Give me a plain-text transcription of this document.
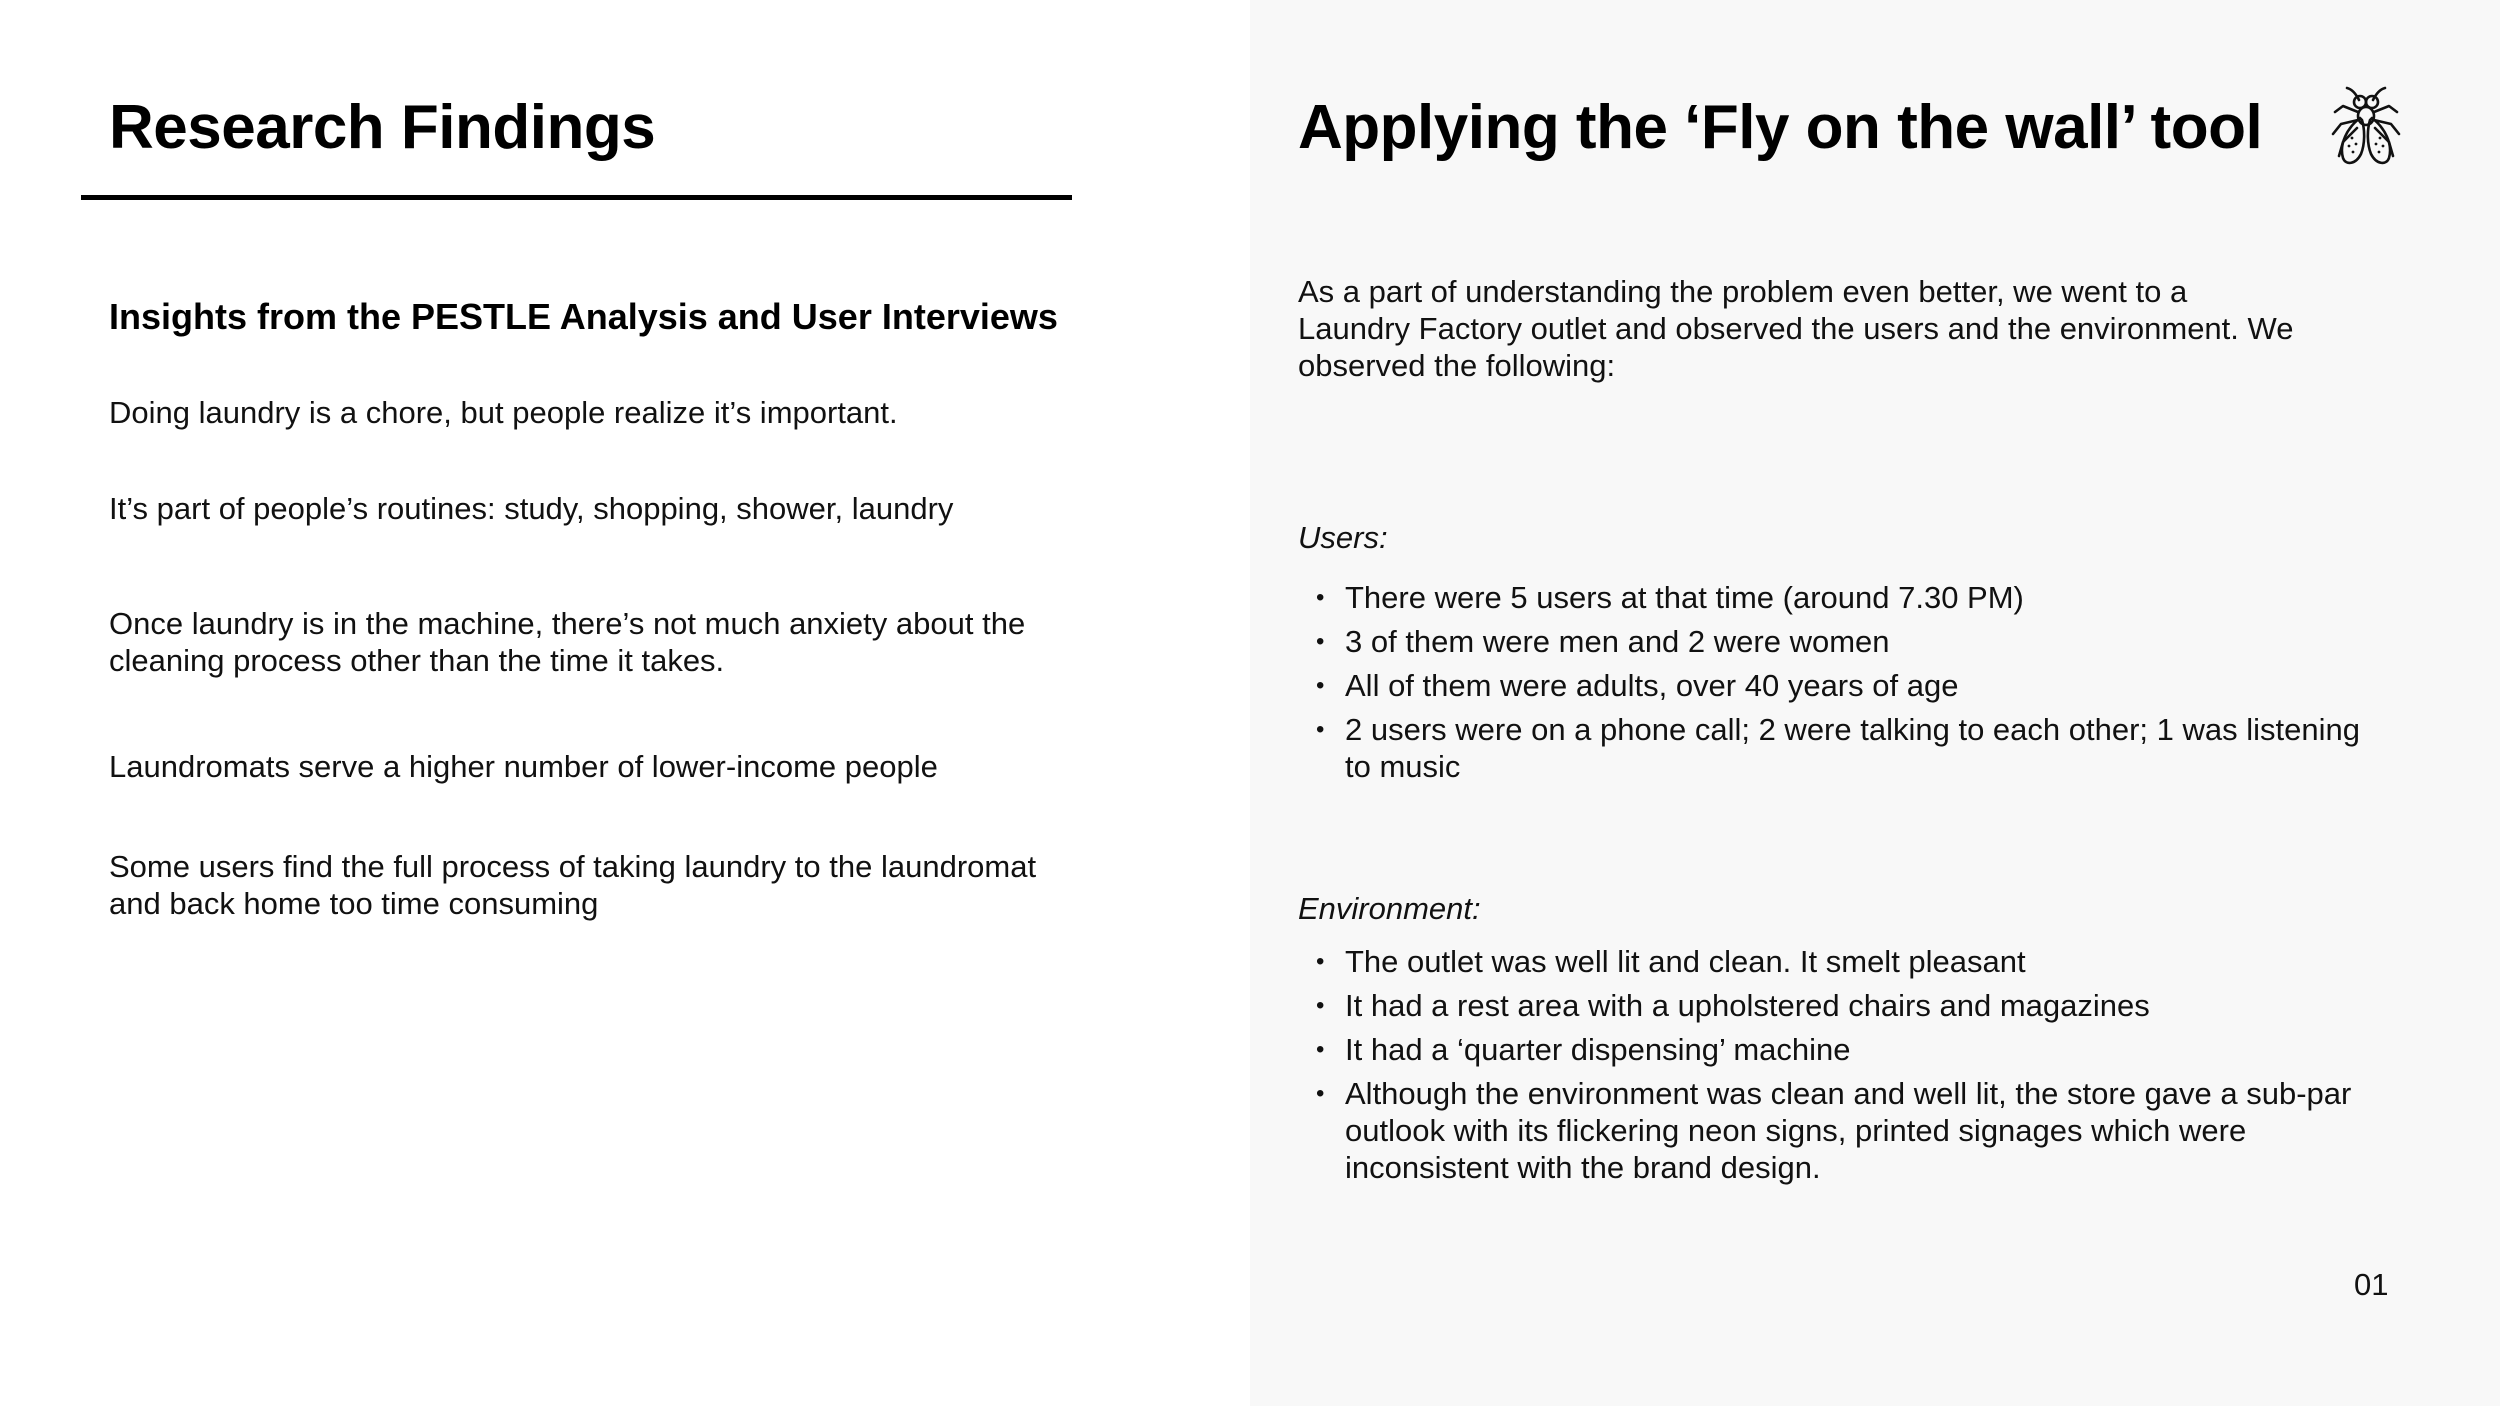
Research Findings
Insights from the PESTLE Analysis and User Interviews

Doing laundry is a chore, but people realize it’s important.

It’s part of people’s routines: study, shopping, shower, laundry

Once laundry is in the machine, there’s not much anxiety about the cleaning process other than the time it takes.

Laundromats serve a higher number of lower-income people

Some users find the full process of taking laundry to the laundromat and back home too time consuming

Applying the ‘Fly on the wall’ tool

As a part of understanding the problem even better, we went to a Laundry Factory outlet and observed the users and the environment. We observed the following:

Users:

• There were 5 users at that time (around 7.30 PM)
• 3 of them were men and 2 were women
• All of them were adults, over 40 years of age
• 2 users were on a phone call; 2 were talking to each other; 1 was listening to music

Environment:

• The outlet was well lit and clean. It smelt pleasant
• It had a rest area with a upholstered chairs and magazines
• It had a ‘quarter dispensing’ machine
• Although the environment was clean and well lit, the store gave a sub-par outlook with its flickering neon signs, printed signages which were inconsistent with the brand design.

01
